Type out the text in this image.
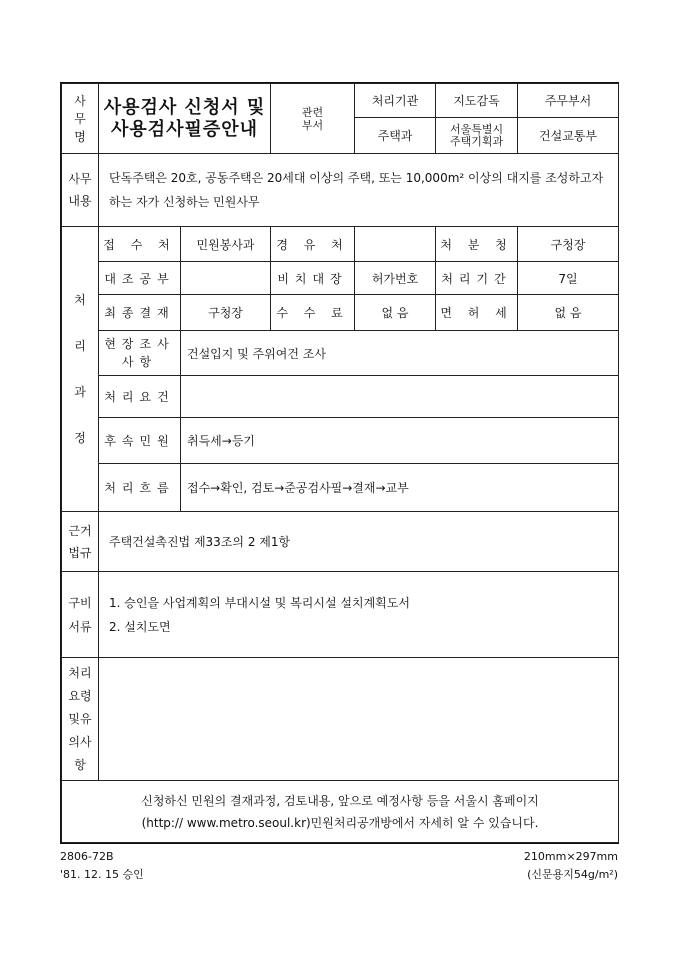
사무명	사용검사 신청서 및
사용검사필증안내		관련부서	처리기관	지도감독	주무부서
				주택과	서울특별시 주택기획과	건설교통부

사무내용	단독주택은 20호, 공동주택은 20세대 이상의 주택, 또는 10,000m² 이상의 대지를 조성하고자 하는 자가 신청하는 민원사무					

처
리
과
정	접 수 처	민원봉사과	경 유 처		처 분 청	구청장
	대조공부		비치대장	허가번호	처리기간	7일
	최종결재	구청장	수 수 료	없 음	면 허 세	없 음

	현장조사사항	건설입지 및 주위여건 조사				
	처리요건					
	후속민원	취득세→등기				
	처리흐름	접수→확인, 검토→준공검사필→결재→교부				

근거법규	주택건설촉진법 제33조의 2 제1항					

구비서류	1. 승인을 사업계획의 부대시설 및 복리시설 설치계획도서
2. 설치도면					

처리요령및유의사항						

신청하신 민원의 결재과정, 검토내용, 앞으로 예정사항 등을 서울시 홈페이지
(http:// www.metro.seoul.kr)민원처리공개방에서 자세히 알 수 있습니다.						
2806-72B
'81. 12. 15 승인
210mm×297mm
(신문용지54g/m²)
